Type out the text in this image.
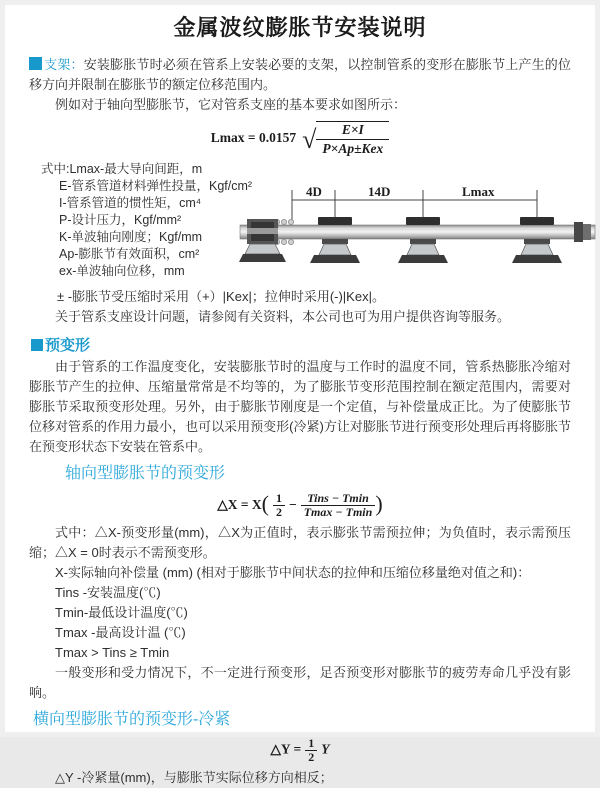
金属波纹膨胀节安装说明

支架：安装膨胀节时必须在管系上安装必要的支架，以控制管系的变形在膨胀节上产生的位移方向并限制在膨胀节的额定位移范围内。

例如对于轴向型膨胀节，它对管系支座的基本要求如图所示：

Lmax = 0.0157 √	E×I
P×Ap±Kex
式中:Lmax-最大导向间距，m
E-管系管道材料弹性投量，Kgf/cm²
I-管系管道的惯性矩，cm⁴
P-设计压力，Kgf/mm²
K-单波轴向刚度；Kgf/mm
Ap-膨胀节有效面积，cm²
ex-单波轴向位移，mm
4D	14D	Lmax

± -膨胀节受压缩时采用（+）|Kex|；拉伸时采用(-)|Kex|。

关于管系支座设计问题，请参阅有关资料，本公司也可为用户提供咨询等服务。

预变形

由于管系的工作温度变化，安装膨胀节时的温度与工作时的温度不同，管系热膨胀冷缩对膨胀节产生的拉伸、压缩量常常是不均等的，为了膨胀节变形范围控制在额定范围内，需要对膨胀节采取预变形处理。另外，由于膨胀节刚度是一个定值，与补偿量成正比。为了使膨胀节位移对管系的作用力最小，也可以采用预变形(冷紧)方让对膨胀节进行预变形处理后再将膨胀节在预变形状态下安装在管系中。

轴向型膨胀节的预变形
△X = $X( \frac{1}{2} - \frac{\text{Tins − Tmin}}{Tmax - Tmin}$ )

式中：△X-预变形量(mm)，△X为正值时，表示膨张节需预拉伸；为负值时，表示需预压缩；△X = 0时表示不需预变形。

X-实际轴向补偿量 (mm) (相对于膨胀节中间状态的拉伸和压缩位移量绝对值之和)：

Tins -安装温度(℃)

Tmin-最低设计温度(℃)

Tmax -最高设计温 (℃)

Tmax > Tins ≥ Tmin

一般变形和受力情况下，不一定进行预变形，足否预变形对膨胀节的疲劳寿命几乎没有影响。

横向型膨胀节的预变形-冷紧
△Y = $\frac{1}{2}$ Y

△Y -冷紧量(mm)，与膨胀节实际位移方向相反；
